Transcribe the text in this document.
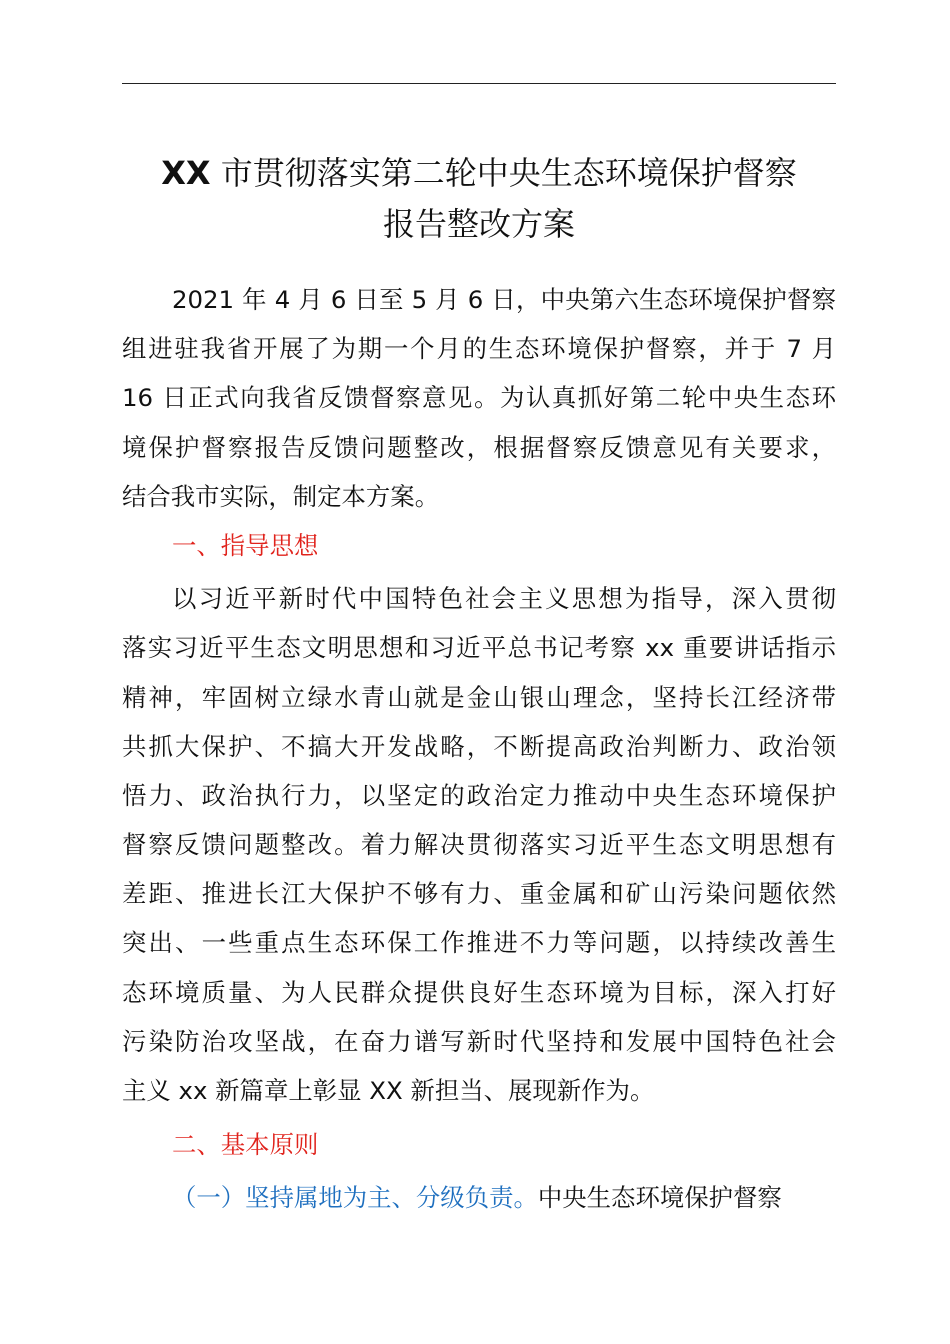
XX 市贯彻落实第二轮中央生态环境保护督察
报告整改方案

2021 年 4 月 6 日至 5 月 6 日，中央第六生态环境保护督察
组进驻我省开展了为期一个月的生态环境保护督察，并于 7 月
16 日正式向我省反馈督察意见。为认真抓好第二轮中央生态环
境保护督察报告反馈问题整改，根据督察反馈意见有关要求，
结合我市实际，制定本方案。

一、指导思想

以习近平新时代中国特色社会主义思想为指导，深入贯彻
落实习近平生态文明思想和习近平总书记考察 xx 重要讲话指示
精神，牢固树立绿水青山就是金山银山理念，坚持长江经济带
共抓大保护、不搞大开发战略，不断提高政治判断力、政治领
悟力、政治执行力，以坚定的政治定力推动中央生态环境保护
督察反馈问题整改。着力解决贯彻落实习近平生态文明思想有
差距、推进长江大保护不够有力、重金属和矿山污染问题依然
突出、一些重点生态环保工作推进不力等问题，以持续改善生
态环境质量、为人民群众提供良好生态环境为目标，深入打好
污染防治攻坚战，在奋力谱写新时代坚持和发展中国特色社会
主义 xx 新篇章上彰显 XX 新担当、展现新作为。

二、基本原则

（一）坚持属地为主、分级负责。中央生态环境保护督察
